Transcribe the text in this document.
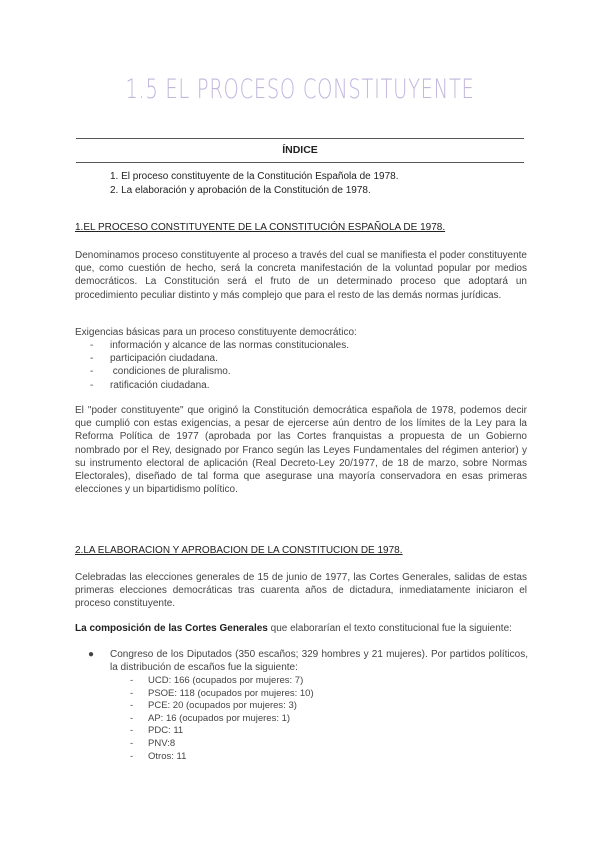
1.5 EL PROCESO CONSTITUYENTE
ÍNDICE
1. El proceso constituyente de la Constitución Española de 1978.
2. La elaboración y aprobación de la Constitución de 1978.
1.EL PROCESO CONSTITUYENTE DE LA CONSTITUCIÓN ESPAÑOLA DE 1978.

Denominamos proceso constituyente al proceso a través del cual se manifiesta el poder constituyente que, como cuestión de hecho, será la concreta manifestación de la voluntad popular por medios democráticos. La Constitución será el fruto de un determinado proceso que adoptará un procedimiento peculiar distinto y más complejo que para el resto de las demás normas jurídicas.

Exigencias básicas para un proceso constituyente democrático:

- información y alcance de las normas constitucionales.
- participación ciudadana.
- condiciones de pluralismo.
- ratificación ciudadana.

El "poder constituyente" que originó la Constitución democrática española de 1978, podemos decir que cumplió con estas exigencias, a pesar de ejercerse aún dentro de los límites de la Ley para la Reforma Política de 1977 (aprobada por las Cortes franquistas a propuesta de un Gobierno nombrado por el Rey, designado por Franco según las Leyes Fundamentales del régimen anterior) y su instrumento electoral de aplicación (Real Decreto-Ley 20/1977, de 18 de marzo, sobre Normas Electorales), diseñado de tal forma que asegurase una mayoría conservadora en esas primeras elecciones y un bipartidismo político.

2.LA ELABORACION Y APROBACION DE LA CONSTITUCION DE 1978.

Celebradas las elecciones generales de 15 de junio de 1977, las Cortes Generales, salidas de estas primeras elecciones democráticas tras cuarenta años de dictadura, inmediatamente iniciaron el proceso constituyente.

La composición de las Cortes Generales que elaborarían el texto constitucional fue la siguiente:

●	Congreso de los Diputados (350 escaños; 329 hombres y 21 mujeres). Por partidos políticos, la distribución de escaños fue la siguiente:
- UCD: 166 (ocupados por mujeres: 7)
- PSOE: 118 (ocupados por mujeres: 10)
- PCE: 20 (ocupados por mujeres: 3)
- AP: 16 (ocupados por mujeres: 1)
- PDC: 11
- PNV:8
- Otros: 11
